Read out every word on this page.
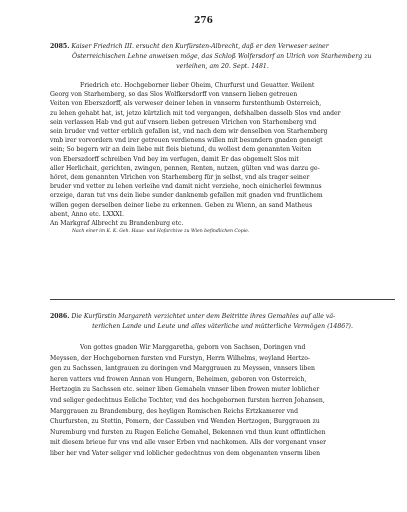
276
2085. Kaiser Friedrich III. ersucht den Kurfürsten-Albrecht, daß er den Verweser seiner
Österreichischen Lehne anweisen möge, das Schloß Wolfersdorf an Ulrich von Starhemberg zu
verleihen, am 20. Sept. 1481.

Friedrich etc. Hochgeborner lieber Oheim, Churfurst und Geuatter. Weilent

Georg von Starhemberg, so das Slos Wolfkersdorff von vnnsern lieben getreuen

Veiten von Eberszdorff, als verweser deiner lehen in vnnserm furstenthumb Osterreich,

zu lehen gehabt hat, ist, jetzo kürtzlich mit tod vergangen, defshalben dasselb Slos vnd ander

sein verlassen Hab vnd gut auf vnsern lieben getreuen Vlrichen von Starhemberg vnd

sein bruder vnd vetter erblich gefallen ist, vnd nach dem wir denselben von Starhemberg

vmb irer vorvordern vnd irer getreuen verdienens willen mit besundern gnaden geneigt

sein; So begern wir an dein liebe mit fleis bietund, du wollest dem genannten Veiten

von Eberszdorff schreiben Vnd bey im verfugen, damit Er das obgemelt Slos mit

aller Herlichait, gerichten, zwingen, pennen, Renten, nutzen, gülten vnd was darzu ge-

höret, dem genannten Vlrichen von Starhemberg für jn selbst, vnd als trager seiner

bruder vnd vetter zu lehen verleihe vnd damit nicht verziehe, noch einicherlei fewmnus

erzeige, daran tut vns dein liebe sunder danknemb gefallen mit gnaden vnd fruntlichem

willen gegen derselben deiner liebe zu erkennen. Geben zu Wienn, an sand Matheus

abent, Anno etc. LXXXI.

An Markgraf Albrecht zu Brandenburg etc.

Nach einer im K. K. Geh. Haus- und Hofarchive zu Wien befindlichen Copie.
2086. Die Kurfürstin Margareth verzichtet unter dem Beitritte ihres Gemahles auf alle vä-
terlichen Lande und Leute und alles väterliche und mütterliche Vermögen (1486?).

Von gottes gnaden Wir Marggaretha, geborn von Sachsen, Doringen vnd

Meyssen, der Hochgebornen fursten vnd Furstyn, Herrn Wilhelms, weyland Hertzo-

gen zu Sachssen, lantgrauen zu doringen vnd Marggrauen zu Meyssen, vnnsers liben

heren vatters vnd frowen Annan von Hungern, Beheimen, geboren von Osterreich,

Hertzogin zu Sachssen etc. seiner liben Gemaheln vnnser liben frowen muter loblicher

vnd seliger gedechtnus Eeliche Tochter, vnd des hochgebornen fursten herren Johansen,

Marggrauen zu Brandemburg, des heyligen Romischen Reichs Ertzkamerer vnd

Churfursten, zu Stettin, Pomern, der Cassuben vnd Wenden Hertzogen, Burggrauen zu

Nuremburg vnd fursten zu Rugen Eeliche Gemahel, Bekennen vnd thun kunt offintlichen

mit diesem brieue fur vns vnd alle vnser Erben vnd nachkomen. Alls der vorgenant vnser

liber her vnd Vater seliger vnd loblicher gedechtnus von dem obgenanten vnserm liben
